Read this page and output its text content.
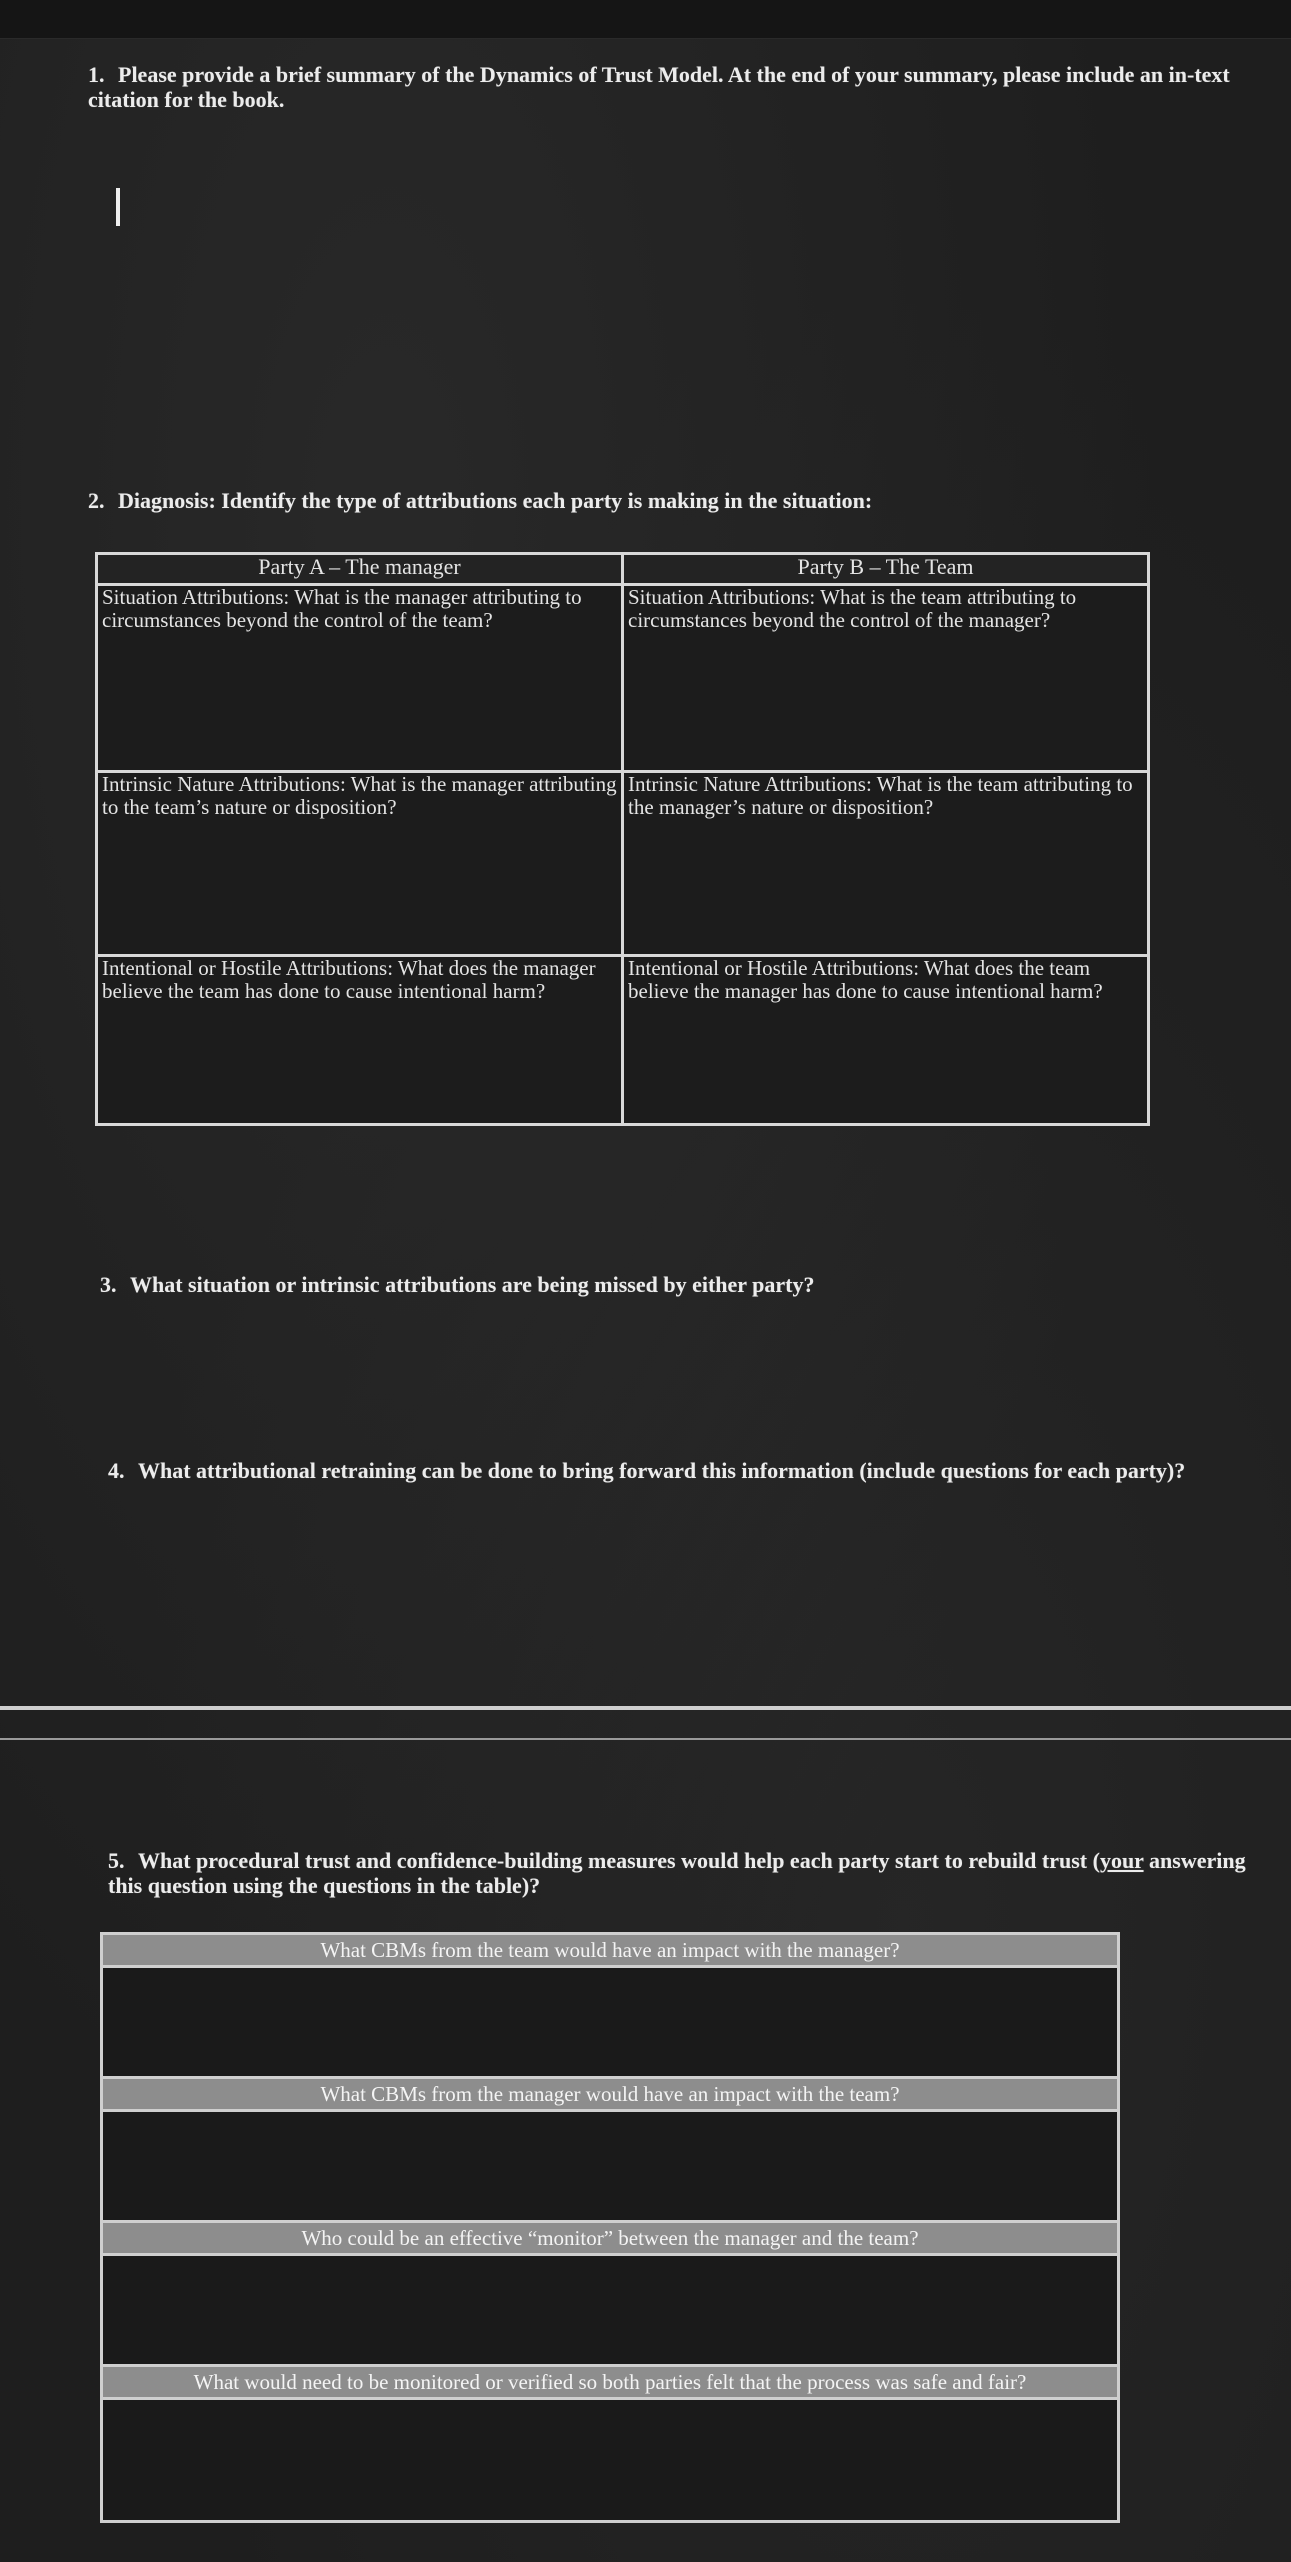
1. Please provide a brief summary of the Dynamics of Trust Model. At the end of your summary, please include an in-text citation for the book.
2. Diagnosis: Identify the type of attributions each party is making in the situation:
Party A – The manager	Party B – The Team

Situation Attributions: What is the manager attributing to circumstances beyond the control of the team?	Situation Attributions: What is the team attributing to circumstances beyond the control of the manager?

Intrinsic Nature Attributions: What is the manager attributing to the team’s nature or disposition?	Intrinsic Nature Attributions: What is the team attributing to the manager’s nature or disposition?

Intentional or Hostile Attributions: What does the manager believe the team has done to cause intentional harm?	Intentional or Hostile Attributions: What does the team believe the manager has done to cause intentional harm?
3. What situation or intrinsic attributions are being missed by either party?
4. What attributional retraining can be done to bring forward this information (include questions for each party)?
5. What procedural trust and confidence-building measures would help each party start to rebuild trust (your answering this question using the questions in the table)?
What CBMs from the team would have an impact with the manager?

What CBMs from the manager would have an impact with the team?

Who could be an effective “monitor” between the manager and the team?

What would need to be monitored or verified so both parties felt that the process was safe and fair?
